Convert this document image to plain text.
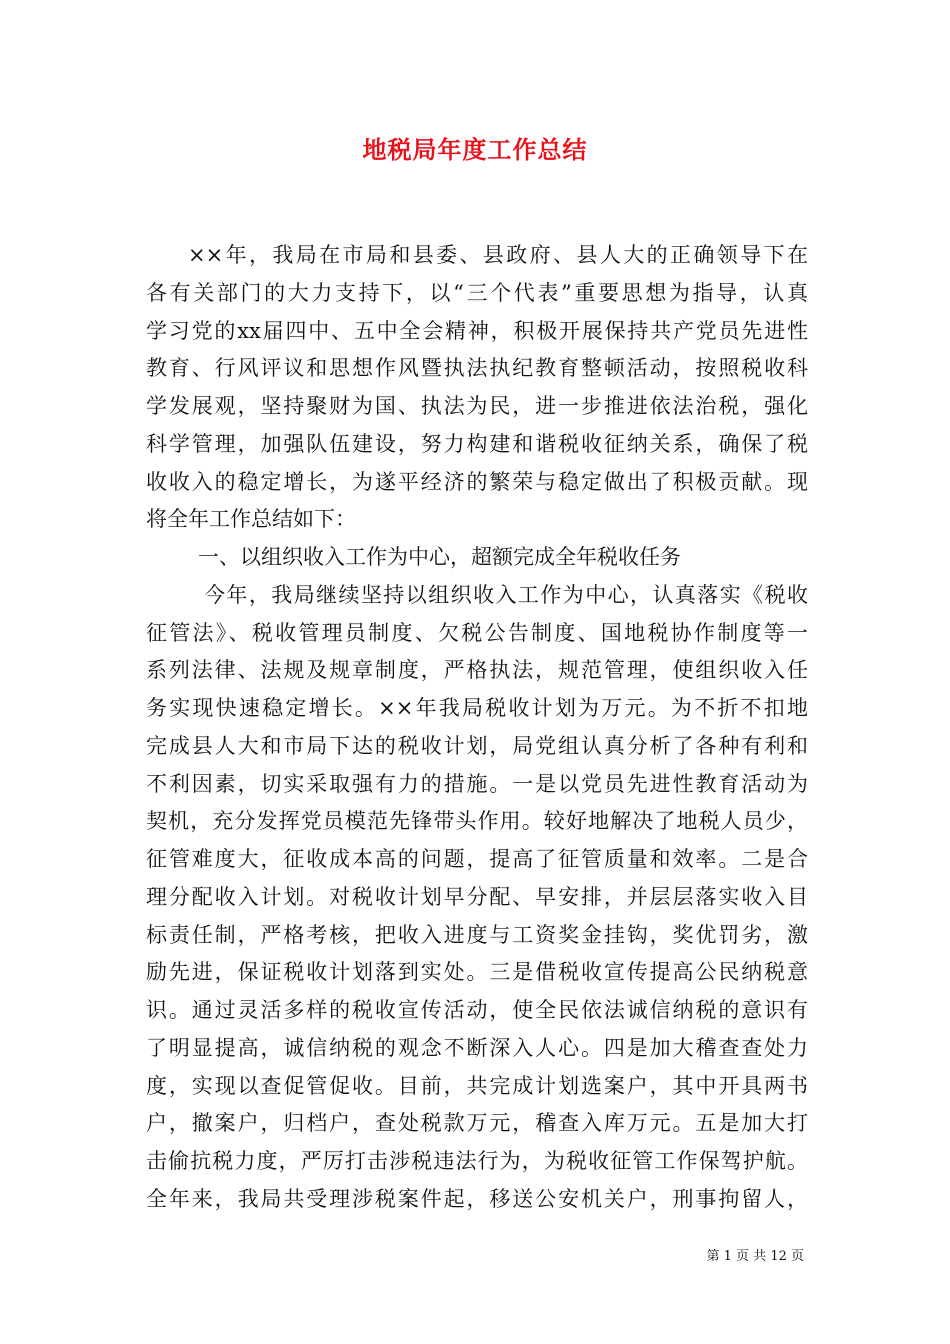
地税局年度工作总结
××年，我局在市局和县委、县政府、县人大的正确领导下在
各有关部门的大力支持下，以“三个代表”重要思想为指导，认真
学习党的xx届四中、五中全会精神，积极开展保持共产党员先进性
教育、行风评议和思想作风暨执法执纪教育整顿活动，按照税收科
学发展观，坚持聚财为国、执法为民，进一步推进依法治税，强化
科学管理，加强队伍建设，努力构建和谐税收征纳关系，确保了税
收收入的稳定增长，为遂平经济的繁荣与稳定做出了积极贡献。现
将全年工作总结如下：
一、以组织收入工作为中心，超额完成全年税收任务
今年，我局继续坚持以组织收入工作为中心，认真落实《税收
征管法》、税收管理员制度、欠税公告制度、国地税协作制度等一
系列法律、法规及规章制度，严格执法，规范管理，使组织收入任
务实现快速稳定增长。××年我局税收计划为万元。为不折不扣地
完成县人大和市局下达的税收计划，局党组认真分析了各种有利和
不利因素，切实采取强有力的措施。一是以党员先进性教育活动为
契机，充分发挥党员模范先锋带头作用。较好地解决了地税人员少，
征管难度大，征收成本高的问题，提高了征管质量和效率。二是合
理分配收入计划。对税收计划早分配、早安排，并层层落实收入目
标责任制，严格考核，把收入进度与工资奖金挂钩，奖优罚劣，激
励先进，保证税收计划落到实处。三是借税收宣传提高公民纳税意
识。通过灵活多样的税收宣传活动，使全民依法诚信纳税的意识有
了明显提高，诚信纳税的观念不断深入人心。四是加大稽查查处力
度，实现以查促管促收。目前，共完成计划选案户，其中开具两书
户，撤案户，归档户，查处税款万元，稽查入库万元。五是加大打
击偷抗税力度，严厉打击涉税违法行为，为税收征管工作保驾护航。
全年来，我局共受理涉税案件起，移送公安机关户，刑事拘留人，
第 1 页 共 12 页
